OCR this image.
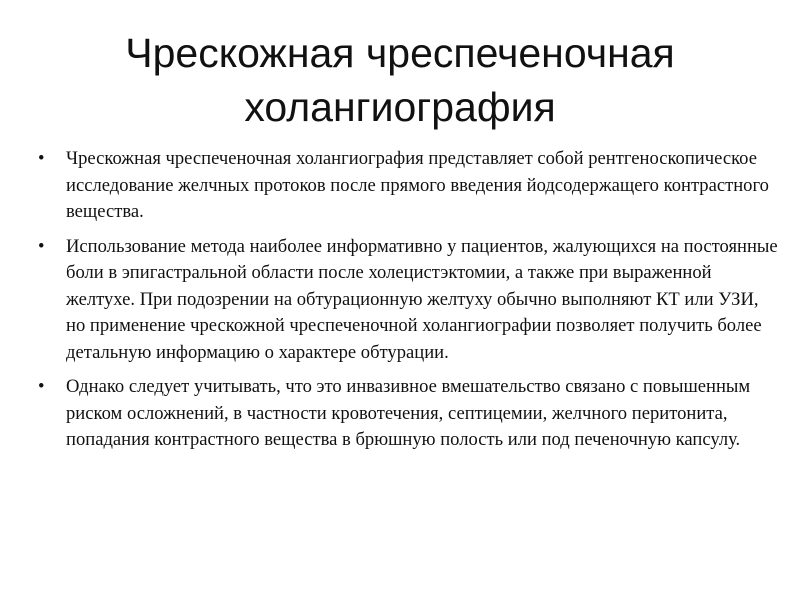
Чрескожная чреспеченочная холангиография
•	Чрескожная чреспеченочная холангиография представляет собой рентгеноскопическое исследование желчных протоков после прямого введения йодсодержащего контрастного вещества.
•	Использование метода наиболее информативно у пациентов, жалующихся на постоянные боли в эпигастральной области после холецистэктомии, а также при выраженной желтухе. При подозрении на обтурационную желтуху обычно выполняют КТ или УЗИ, но применение чрескожной чреспеченочной холангиографии позволяет получить более детальную информацию о характере обтурации.
•	Однако следует учитывать, что это инвазивное вмешательство связано с повышенным риском осложнений, в частности кровотечения, септицемии, желчного перитонита, попадания контрастного вещества в брюшную полость или под печеночную капсулу.
